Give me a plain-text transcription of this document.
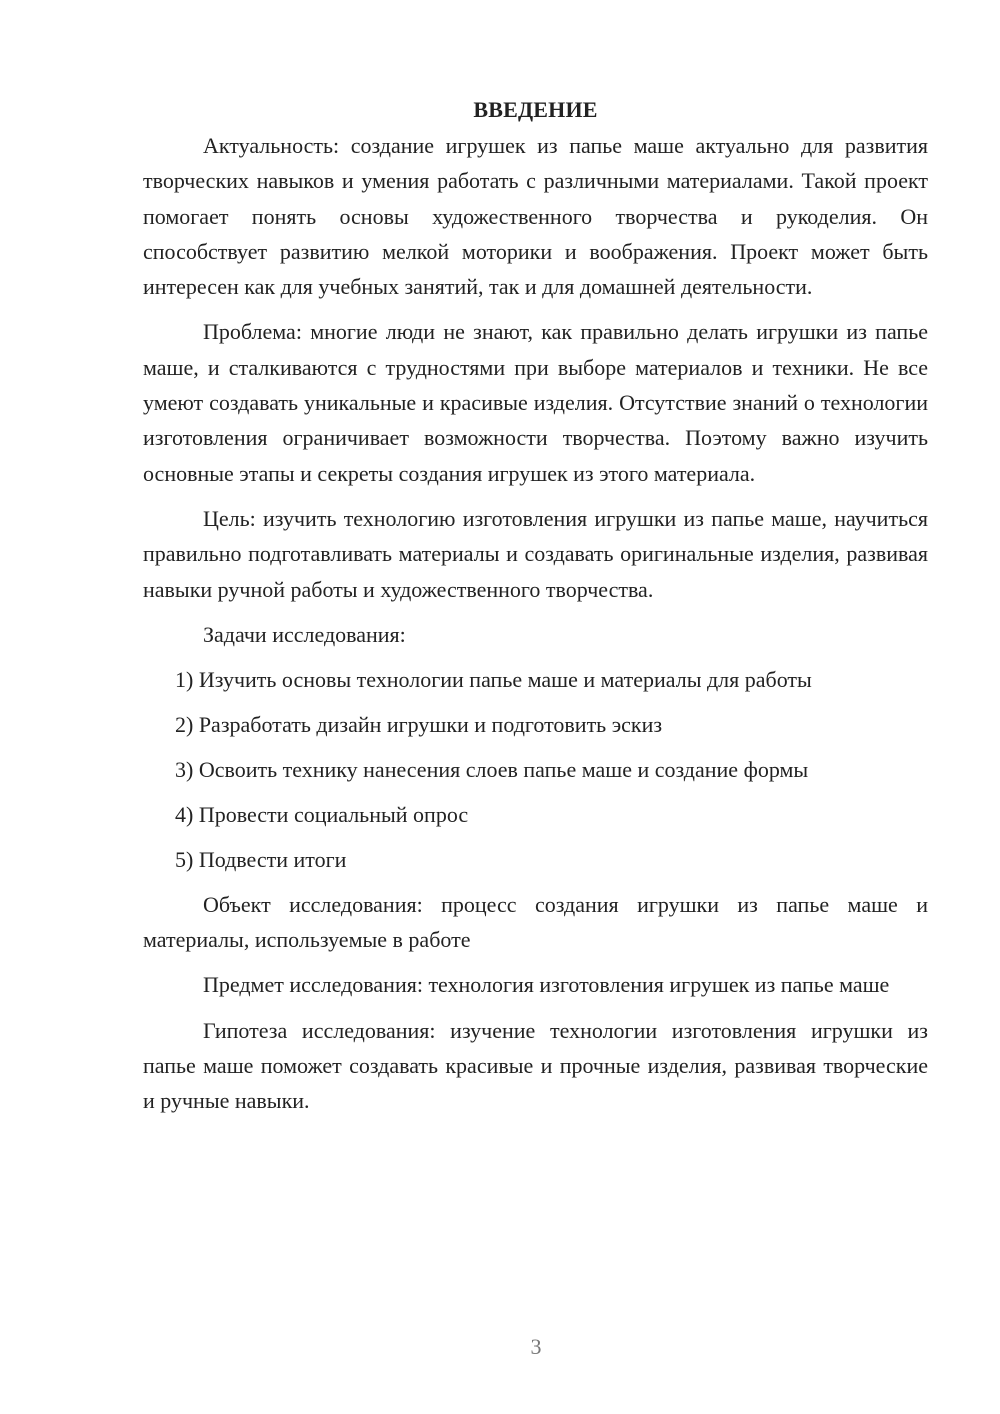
ВВЕДЕНИЕ

Актуальность: создание игрушек из папье маше актуально для развития творческих навыков и умения работать с различными материалами. Такой проект помогает понять основы художественного творчества и рукоделия. Он способствует развитию мелкой моторики и воображения. Проект может быть интересен как для учебных занятий, так и для домашней деятельности.

Проблема: многие люди не знают, как правильно делать игрушки из папье маше, и сталкиваются с трудностями при выборе материалов и техники. Не все умеют создавать уникальные и красивые изделия. Отсутствие знаний о технологии изготовления ограничивает возможности творчества. Поэтому важно изучить основные этапы и секреты создания игрушек из этого материала.

Цель: изучить технологию изготовления игрушки из папье маше, научиться правильно подготавливать материалы и создавать оригинальные изделия, развивая навыки ручной работы и художественного творчества.

Задачи исследования:

1) Изучить основы технологии папье маше и материалы для работы
2) Разработать дизайн игрушки и подготовить эскиз
3) Освоить технику нанесения слоев папье маше и создание формы
4) Провести социальный опрос
5) Подвести итоги

Объект исследования: процесс создания игрушки из папье маше и материалы, используемые в работе

Предмет исследования: технология изготовления игрушек из папье маше

Гипотеза исследования: изучение технологии изготовления игрушки из папье маше поможет создавать красивые и прочные изделия, развивая творческие и ручные навыки.

3
